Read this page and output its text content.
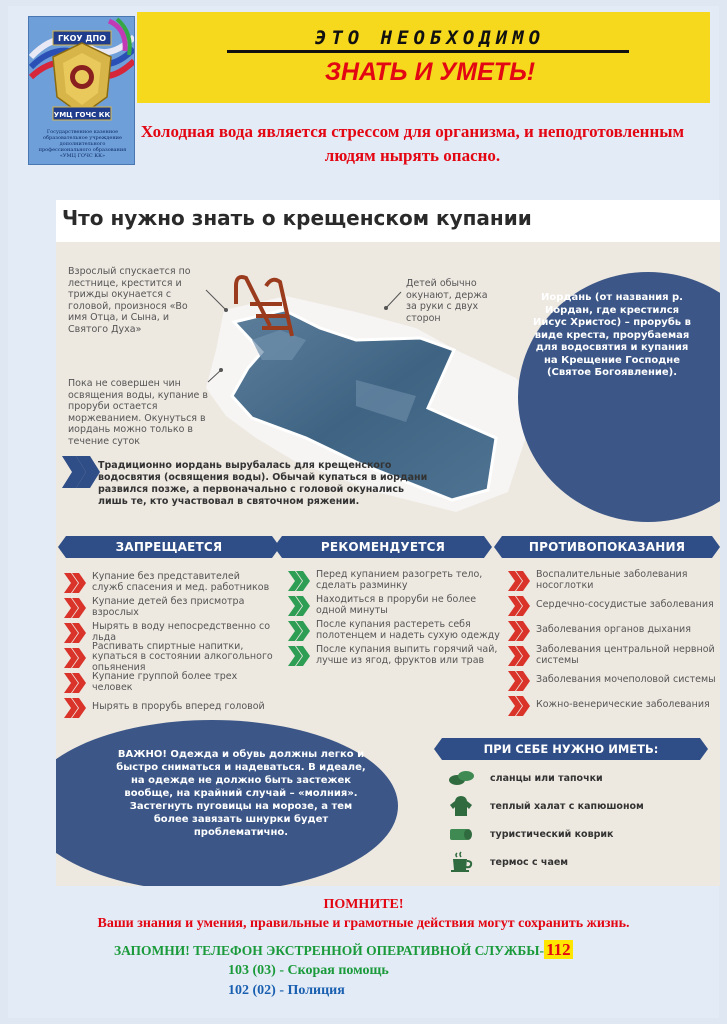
ГКОУ ДПО
УМЦ ГОЧС КК
Государственное казенное образовательное учреждение дополнительного профессионального образования «УМЦ ГОЧС КК»
ЭТО НЕОБХОДИМО
ЗНАТЬ И УМЕТЬ!
Холодная вода является стрессом для организма, и неподготовленным людям нырять опасно.
Что нужно знать о крещенском купании
Взрослый спускается по лестнице, крестится и трижды окунается с головой, произнося «Во имя Отца, и Сына, и Святого Духа»
Детей обычно окунают, держа за руки с двух сторон
Пока не совершен чин освящения воды, купание в проруби остается моржеванием. Окунуться в иордань можно только в течение суток
Иордань (от названия р. Иордан, где крестился Иисус Христос) – прорубь в виде креста, прорубаемая для водосвятия и купания на Крещение Господне (Святое Богоявление).
Традиционно иордань вырубалась для крещенского водосвятия (освящения воды). Обычай купаться в иордани развился позже, а первоначально с головой окунались лишь те, кто участвовал в святочном ряжении.
ЗАПРЕЩАЕТСЯ	РЕКОМЕНДУЕТСЯ	ПРОТИВОПОКАЗАНИЯ
Купание без представителей служб спасения и мед. работников
Купание детей без присмотра взрослых
Нырять в воду непосредственно со льда
Распивать спиртные напитки, купаться в состоянии алкогольного опьянения
Купание группой более трех человек
Нырять в прорубь вперед головой
Перед купанием разогреть тело, сделать разминку
Находиться в проруби не более одной минуты
После купания растереть себя полотенцем и надеть сухую одежду
После купания выпить горячий чай, лучше из ягод, фруктов или трав
Воспалительные заболевания носоглотки
Сердечно-сосудистые заболевания
Заболевания органов дыхания
Заболевания центральной нервной системы
Заболевания мочеполовой системы
Кожно-венерические заболевания
ВАЖНО! Одежда и обувь должны легко и быстро сниматься и надеваться. В идеале, на одежде не должно быть застежек вообще, на крайний случай – «молния». Застегнуть пуговицы на морозе, а тем более завязать шнурки будет проблематично.
ПРИ СЕБЕ НУЖНО ИМЕТЬ:
сланцы или тапочки
теплый халат с капюшоном
туристический коврик
термос с чаем
ПОМНИТЕ!
Ваши знания и умения, правильные и грамотные действия могут сохранить жизнь.
ЗАПОМНИ! ТЕЛЕФОН ЭКСТРЕННОЙ ОПЕРАТИВНОЙ СЛУЖБЫ- 112
103 (03) - Скорая помощь
102 (02) - Полиция
